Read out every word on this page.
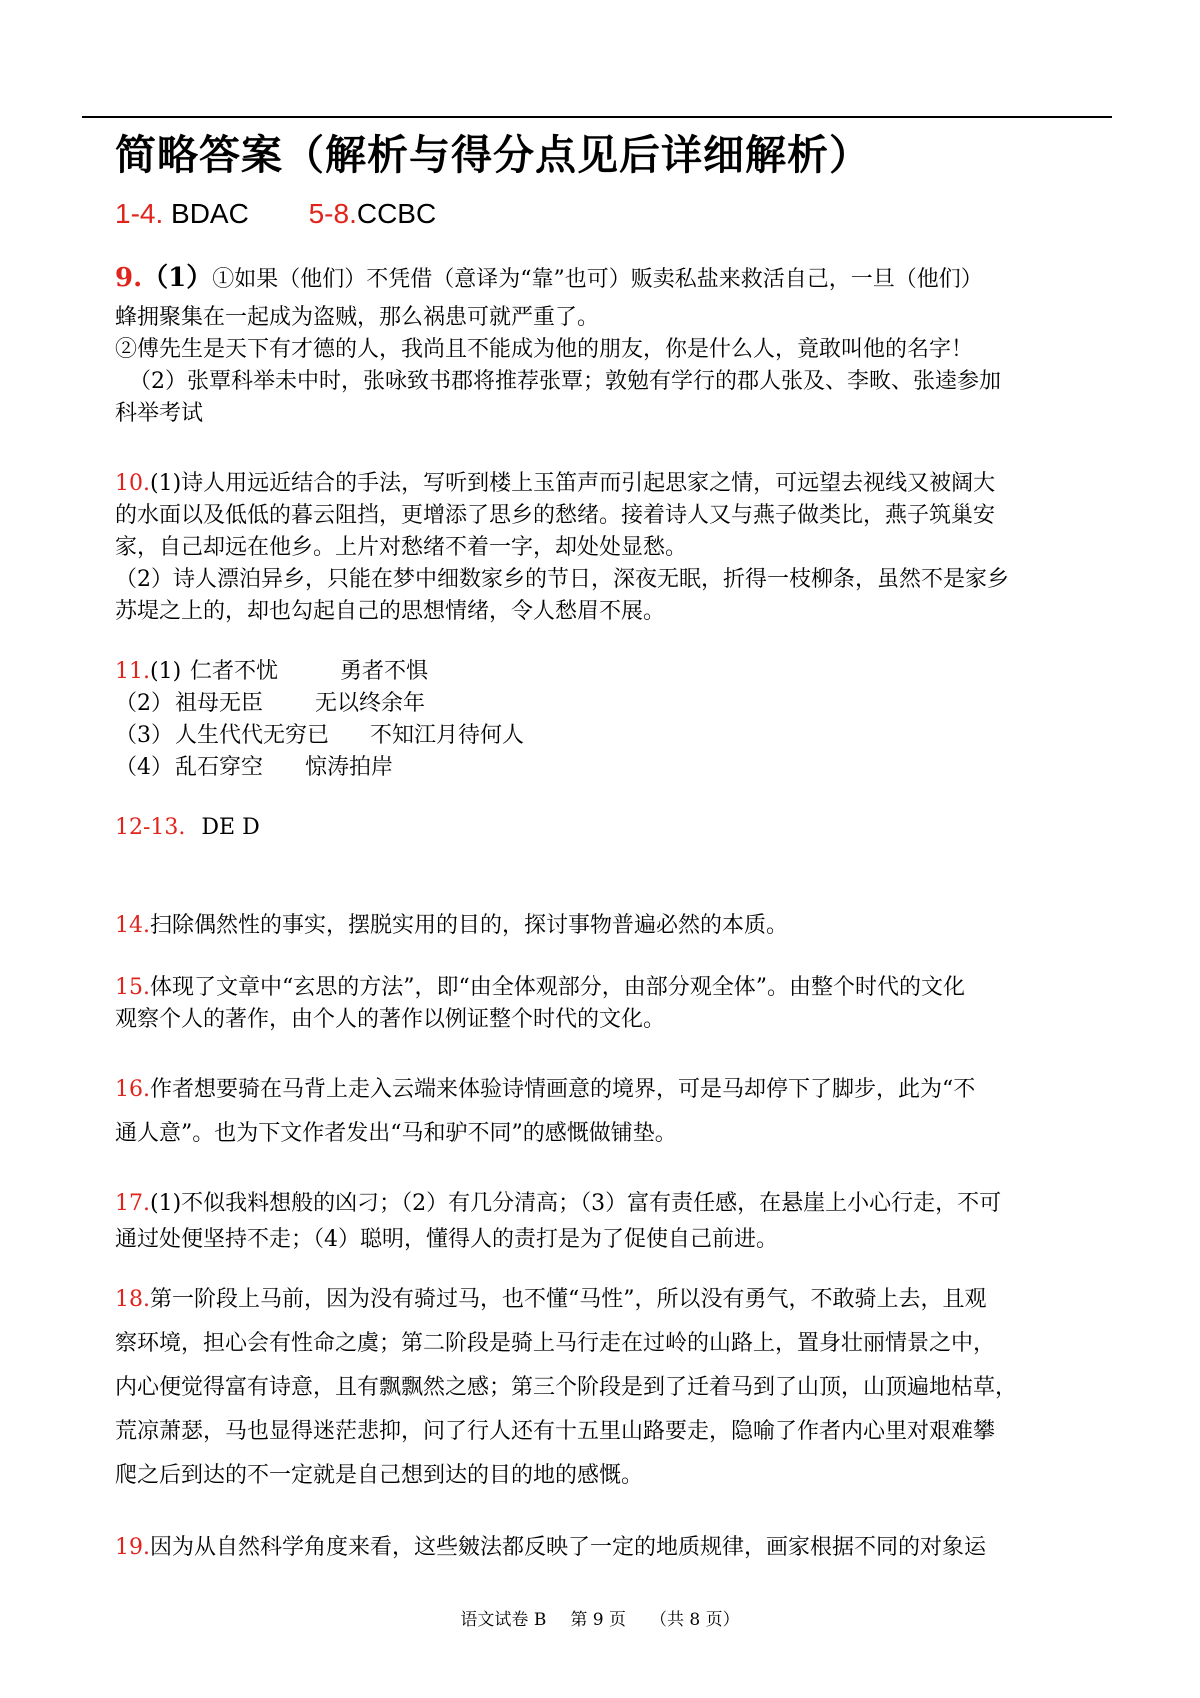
简略答案（解析与得分点见后详细解析）
1-4. BDAC 5-8.CCBC
9.（1）①如果（他们）不凭借（意译为“靠”也可）贩卖私盐来救活自己，一旦（他们）
蜂拥聚集在一起成为盗贼，那么祸患可就严重了。
②傅先生是天下有才德的人，我尚且不能成为他的朋友，你是什么人，竟敢叫他的名字！
（2）张覃科举未中时，张咏致书郡将推荐张覃；敦勉有学行的郡人张及、李畋、张逵参加
科举考试
10.(1)诗人用远近结合的手法，写听到楼上玉笛声而引起思家之情，可远望去视线又被阔大
的水面以及低低的暮云阻挡，更增添了思乡的愁绪。接着诗人又与燕子做类比，燕子筑巢安
家，自己却远在他乡。上片对愁绪不着一字，却处处显愁。
（2）诗人漂泊异乡，只能在梦中细数家乡的节日，深夜无眠，折得一枝柳条，虽然不是家乡
苏堤之上的，却也勾起自己的思想情绪，令人愁眉不展。
11.(1) 仁者不忧	勇者不惧
（2）祖母无臣 无以终余年
（3）人生代代无穷已 不知江月待何人
（4）乱石穿空 惊涛拍岸
12-13. DE D
14.扫除偶然性的事实，摆脱实用的目的，探讨事物普遍必然的本质。
15.体现了文章中“玄思的方法”，即“由全体观部分，由部分观全体”。由整个时代的文化
观察个人的著作，由个人的著作以例证整个时代的文化。
16.作者想要骑在马背上走入云端来体验诗情画意的境界，可是马却停下了脚步，此为“不
通人意”。也为下文作者发出“马和驴不同”的感慨做铺垫。
17.(1)不似我料想般的凶刁；（2）有几分清高；（3）富有责任感，在悬崖上小心行走，不可
通过处便坚持不走；（4）聪明，懂得人的责打是为了促使自己前进。
18.第一阶段上马前，因为没有骑过马，也不懂“马性”，所以没有勇气，不敢骑上去，且观
察环境，担心会有性命之虞；第二阶段是骑上马行走在过岭的山路上，置身壮丽情景之中，
内心便觉得富有诗意，且有飘飘然之感；第三个阶段是到了迁着马到了山顶，山顶遍地枯草，
荒凉萧瑟，马也显得迷茫悲抑，问了行人还有十五里山路要走，隐喻了作者内心里对艰难攀
爬之后到达的不一定就是自己想到达的目的地的感慨。
19.因为从自然科学角度来看，这些皴法都反映了一定的地质规律，画家根据不同的对象运
语文试卷 B 第 9 页 （共 8 页）
